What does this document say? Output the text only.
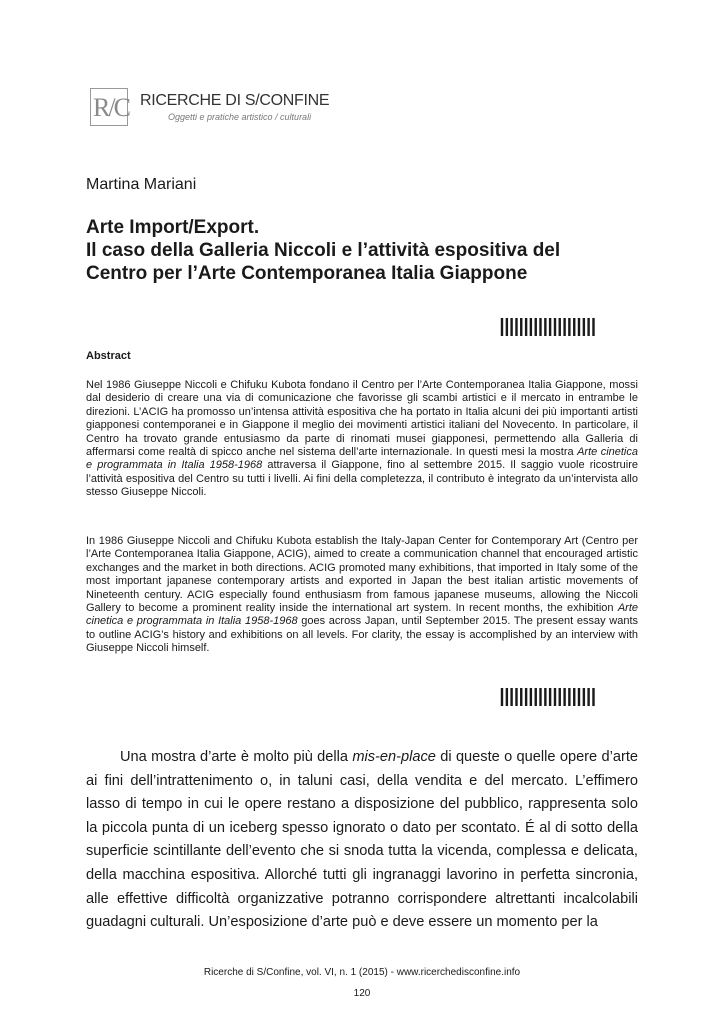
R/C RICERCHE DI S/CONFINE
Oggetti e pratiche artistico / culturali
Martina Mariani
Arte Import/Export.
Il caso della Galleria Niccoli e l’attività espositiva del
Centro per l’Arte Contemporanea Italia Giappone
||||||||||||||||||||
Abstract

Nel 1986 Giuseppe Niccoli e Chifuku Kubota fondano il Centro per l’Arte Contemporanea Italia Giappone, mossi dal desiderio di creare una via di comunicazione che favorisse gli scambi artistici e il mercato in entrambe le direzioni. L’ACIG ha promosso un’intensa attività espositiva che ha portato in Italia alcuni dei più importanti artisti giapponesi contemporanei e in Giappone il meglio dei movimenti artistici italiani del Novecento. In particolare, il Centro ha trovato grande entusiasmo da parte di rinomati musei giapponesi, permettendo alla Galleria di affermarsi come realtà di spicco anche nel sistema dell’arte internazionale. In questi mesi la mostra Arte cinetica e programmata in Italia 1958-1968 attraversa il Giappone, fino al settembre 2015. Il saggio vuole ricostruire l’attività espositiva del Centro su tutti i livelli. Ai fini della completezza, il contributo è integrato da un’intervista allo stesso Giuseppe Niccoli.

In 1986 Giuseppe Niccoli and Chifuku Kubota establish the Italy-Japan Center for Contemporary Art (Centro per l’Arte Contemporanea Italia Giappone, ACIG), aimed to create a communication channel that encouraged artistic exchanges and the market in both directions. ACIG promoted many exhibitions, that imported in Italy some of the most important japanese contemporary artists and exported in Japan the best italian artistic movements of Nineteenth century. ACIG especially found enthusiasm from famous japanese museums, allowing the Niccoli Gallery to become a prominent reality inside the international art system. In recent months, the exhibition Arte cinetica e programmata in Italia 1958-1968 goes across Japan, until September 2015. The present essay wants to outline ACIG’s history and exhibitions on all levels. For clarity, the essay is accomplished by an interview with Giuseppe Niccoli himself.

||||||||||||||||||||

Una mostra d’arte è molto più della mis-en-place di queste o quelle opere d’arte ai fini dell’intrattenimento o, in taluni casi, della vendita e del mercato. L’effimero lasso di tempo in cui le opere restano a disposizione del pubblico, rappresenta solo la piccola punta di un iceberg spesso ignorato o dato per scontato. É al di sotto della superficie scintillante dell’evento che si snoda tutta la vicenda, complessa e delicata, della macchina espositiva. Allorché tutti gli ingranaggi lavorino in perfetta sincronia, alle effettive difficoltà organizzative potranno corrispondere altrettanti incalcolabili guadagni culturali. Un’esposizione d’arte può e deve essere un momento per la

Ricerche di S/Confine, vol. VI, n. 1 (2015) - www.ricerchedisconfine.info
120
